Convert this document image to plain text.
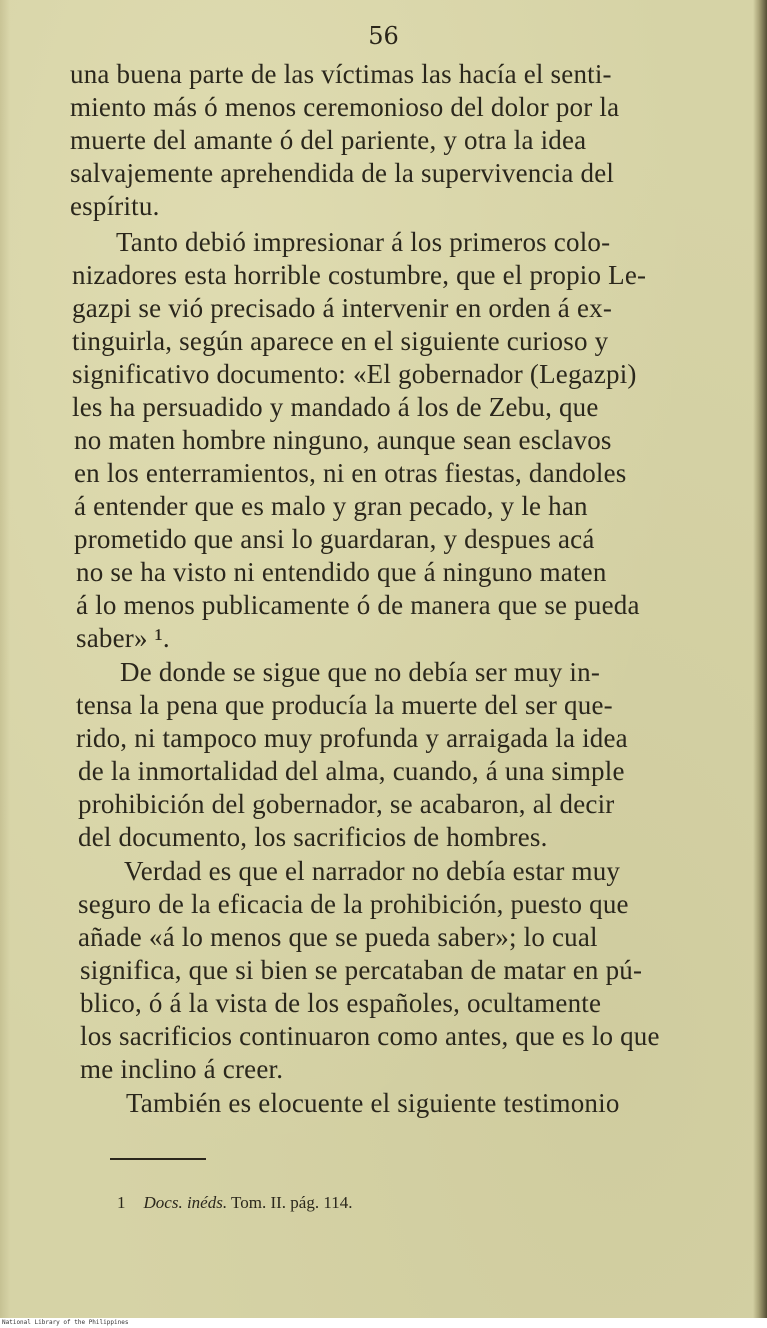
56
una buena parte de las víctimas las hacía el senti-
miento más ó menos ceremonioso del dolor por la
muerte del amante ó del pariente, y otra la idea
salvajemente aprehendida de la supervivencia del
espíritu.
Tanto debió impresionar á los primeros colo-
nizadores esta horrible costumbre, que el propio Le-
gazpi se vió precisado á intervenir en orden á ex-
tinguirla, según aparece en el siguiente curioso y
significativo documento: «El gobernador (Legazpi)
les ha persuadido y mandado á los de Zebu, que
no maten hombre ninguno, aunque sean esclavos
en los enterramientos, ni en otras fiestas, dandoles
á entender que es malo y gran pecado, y le han
prometido que ansi lo guardaran, y despues acá
no se ha visto ni entendido que á ninguno maten
á lo menos publicamente ó de manera que se pueda
saber» ¹.
De donde se sigue que no debía ser muy in-
tensa la pena que producía la muerte del ser que-
rido, ni tampoco muy profunda y arraigada la idea
de la inmortalidad del alma, cuando, á una simple
prohibición del gobernador, se acabaron, al decir
del documento, los sacrificios de hombres.
Verdad es que el narrador no debía estar muy
seguro de la eficacia de la prohibición, puesto que
añade «á lo menos que se pueda saber»; lo cual
significa, que si bien se percataban de matar en pú-
blico, ó á la vista de los españoles, ocultamente
los sacrificios continuaron como antes, que es lo que
me inclino á creer.
También es elocuente el siguiente testimonio
1 Docs. inéds. Tom. II. pág. 114.
National Library of the Philippines
